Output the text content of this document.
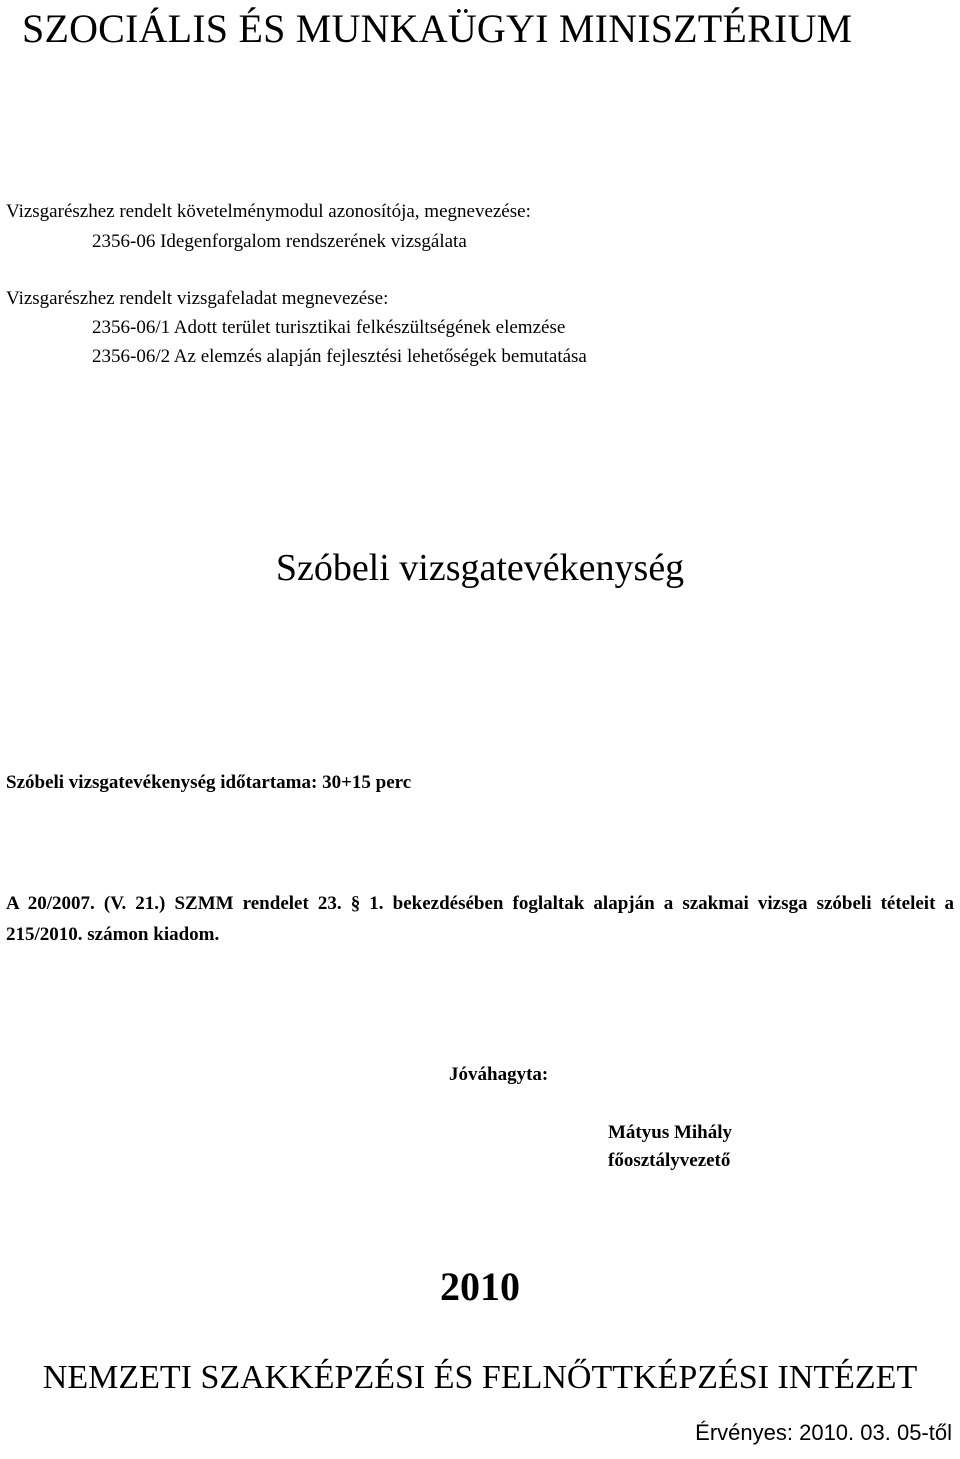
SZOCIÁLIS ÉS MUNKAÜGYI MINISZTÉRIUM
Vizsgarészhez rendelt követelménymodul azonosítója, megnevezése:
2356-06 Idegenforgalom rendszerének vizsgálata
Vizsgarészhez rendelt vizsgafeladat megnevezése:
2356-06/1 Adott terület turisztikai felkészültségének elemzése
2356-06/2 Az elemzés alapján fejlesztési lehetőségek bemutatása
Szóbeli vizsgatevékenység
Szóbeli vizsgatevékenység időtartama: 30+15 perc

A 20/2007. (V. 21.) SZMM rendelet 23. § 1. bekezdésében foglaltak alapján a szakmai vizsga szóbeli tételeit a 215/2010. számon kiadom.

Jóváhagyta:
Mátyus Mihály
főosztályvezető
2010
NEMZETI SZAKKÉPZÉSI ÉS FELNŐTTKÉPZÉSI INTÉZET
Érvényes: 2010. 03. 05-től
